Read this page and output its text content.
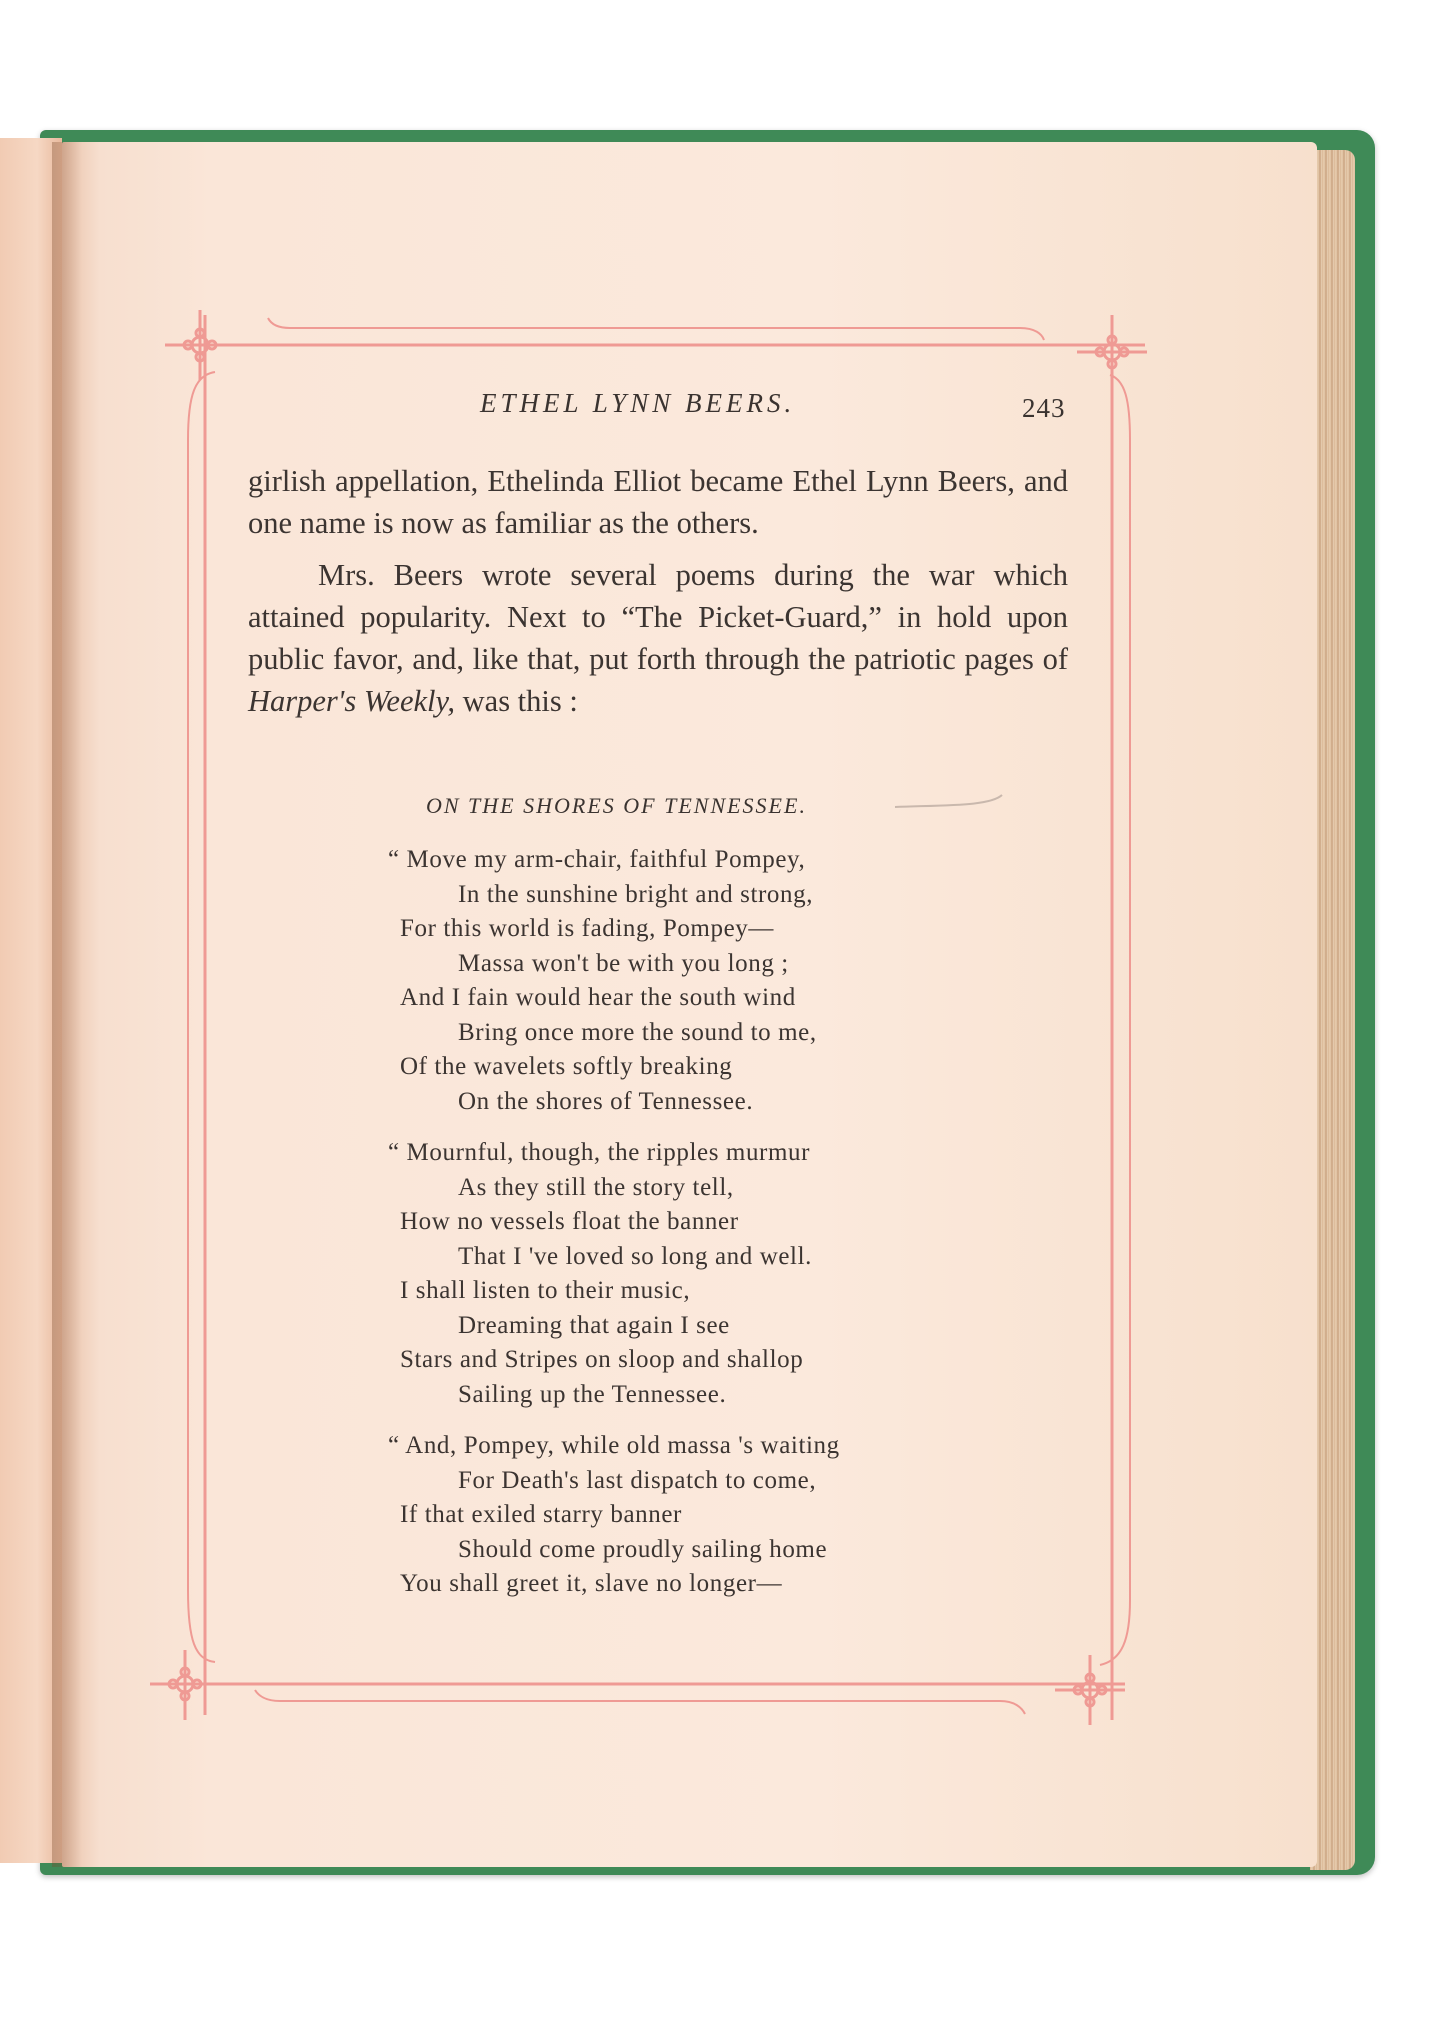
ETHEL LYNN BEERS.	243

girlish appellation, Ethelinda Elliot became Ethel Lynn Beers, and one name is now as familiar as the others.

Mrs. Beers wrote several poems during the war which attained popularity. Next to “The Picket-Guard,” in hold upon public favor, and, like that, put forth through the patriotic pages of Harper's Weekly, was this :

ON THE SHORES OF TENNESSEE.
“ Move my arm-chair, faithful Pompey,
In the sunshine bright and strong,
For this world is fading, Pompey—
Massa won't be with you long ;
And I fain would hear the south wind
Bring once more the sound to me,
Of the wavelets softly breaking
On the shores of Tennessee.
“ Mournful, though, the ripples murmur
As they still the story tell,
How no vessels float the banner
That I 've loved so long and well.
I shall listen to their music,
Dreaming that again I see
Stars and Stripes on sloop and shallop
Sailing up the Tennessee.
“ And, Pompey, while old massa 's waiting
For Death's last dispatch to come,
If that exiled starry banner
Should come proudly sailing home
You shall greet it, slave no longer—
